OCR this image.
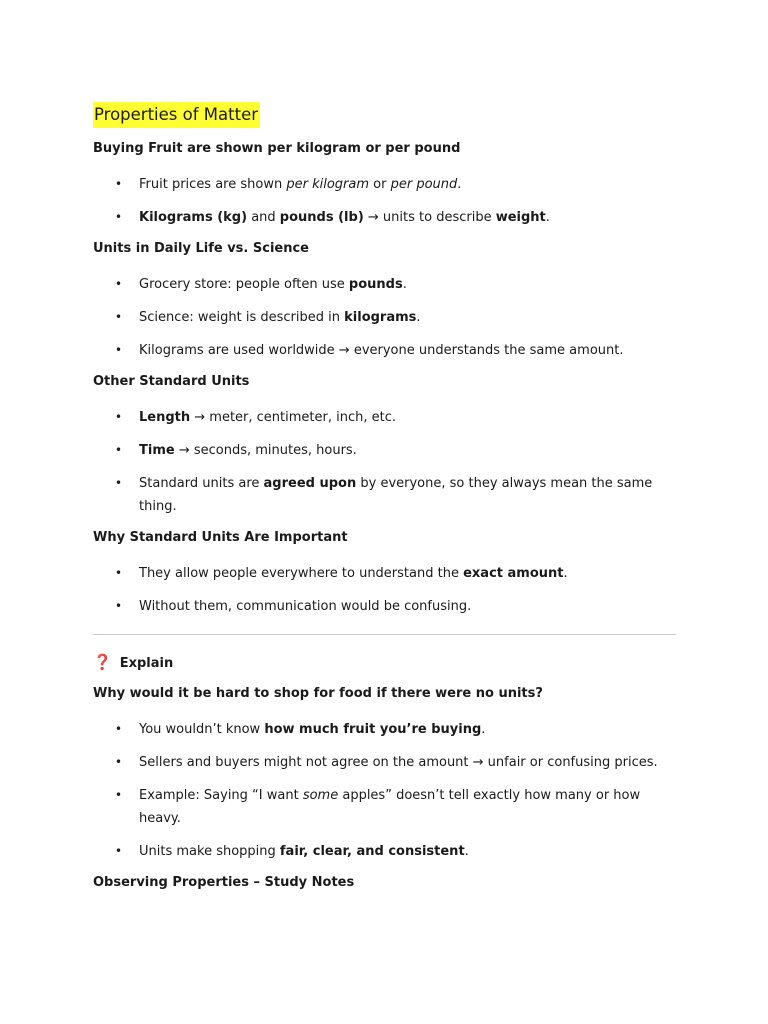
Properties of Matter
Buying Fruit are shown per kilogram or per pound
• Fruit prices are shown per kilogram or per pound.
• Kilograms (kg) and pounds (lb) → units to describe weight.
Units in Daily Life vs. Science
• Grocery store: people often use pounds.
• Science: weight is described in kilograms.
• Kilograms are used worldwide → everyone understands the same amount.
Other Standard Units
• Length → meter, centimeter, inch, etc.
• Time → seconds, minutes, hours.
• Standard units are agreed upon by everyone, so they always mean the same thing.
Why Standard Units Are Important
• They allow people everywhere to understand the exact amount.
• Without them, communication would be confusing.
❓ Explain
Why would it be hard to shop for food if there were no units?
• You wouldn’t know how much fruit you’re buying.
• Sellers and buyers might not agree on the amount → unfair or confusing prices.
• Example: Saying “I want some apples” doesn’t tell exactly how many or how heavy.
• Units make shopping fair, clear, and consistent.
Observing Properties – Study Notes
